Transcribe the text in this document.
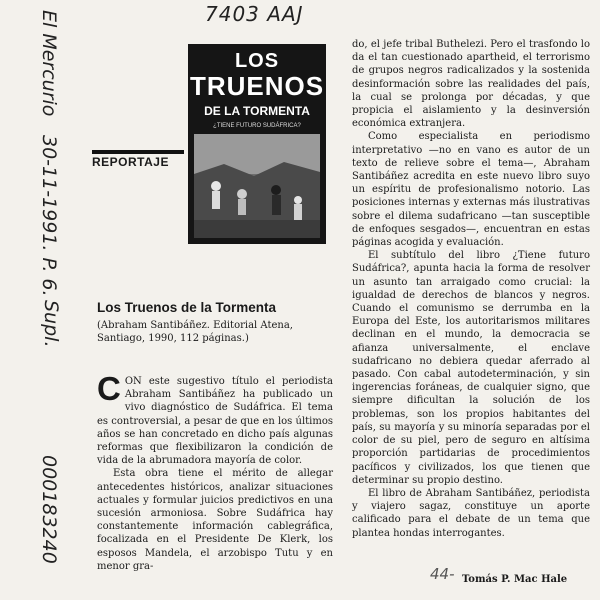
7403 AAJ
El Mercurio
30-11-1991. P. 6.
Supl.
000183240
REPORTAJE
LOS
TRUENOS
DE LA TORMENTA
¿TIENE FUTURO SUDÁFRICA?
Los Truenos de la Tormenta
(Abraham Santibáñez. Editorial Atena, Santiago, 1990, 112 páginas.)

CON este sugestivo título el periodista Abraham Santibáñez ha publicado un vivo diagnóstico de Sudáfrica. El tema es controversial, a pesar de que en los últimos años se han concretado en dicho país algunas reformas que flexibilizaron la condición de vida de la abrumadora mayoría de color.

Esta obra tiene el mérito de allegar antecedentes históricos, analizar situaciones actuales y formular juicios predictivos en una sucesión armoniosa. Sobre Sudáfrica hay constantemente información cablegráfica, focalizada en el Presidente De Klerk, los esposos Mandela, el arzobispo Tutu y en menor gra-

do, el jefe tribal Buthelezi. Pero el trasfondo lo da el tan cuestionado apartheid, el terrorismo de grupos negros radicalizados y la sostenida desinformación sobre las realidades del país, la cual se prolonga por décadas, y que propicia el aislamiento y la desinversión económica extranjera.

Como especialista en periodismo interpretativo —no en vano es autor de un texto de relieve sobre el tema—, Abraham Santibáñez acredita en este nuevo libro suyo un espíritu de profesionalismo notorio. Las posiciones internas y externas más ilustrativas sobre el dilema sudafricano —tan susceptible de enfoques sesgados—, encuentran en estas páginas acogida y evaluación.

El subtítulo del libro ¿Tiene futuro Sudáfrica?, apunta hacia la forma de resolver un asunto tan arraigado como crucial: la igualdad de derechos de blancos y negros. Cuando el comunismo se derrumba en la Europa del Este, los autoritarismos militares declinan en el mundo, la democracia se afianza universalmente, el enclave sudafricano no debiera quedar aferrado al pasado. Con cabal autodeterminación, y sin ingerencias foráneas, de cualquier signo, que siempre dificultan la solución de los problemas, son los propios habitantes del país, su mayoría y su minoría separadas por el color de su piel, pero de seguro en altísima proporción partidarias de procedimientos pacíficos y civilizados, los que tienen que determinar su propio destino.

El libro de Abraham Santibáñez, periodista y viajero sagaz, constituye un aporte calificado para el debate de un tema que plantea hondas interrogantes.

44- Tomás P. Mac Hale
